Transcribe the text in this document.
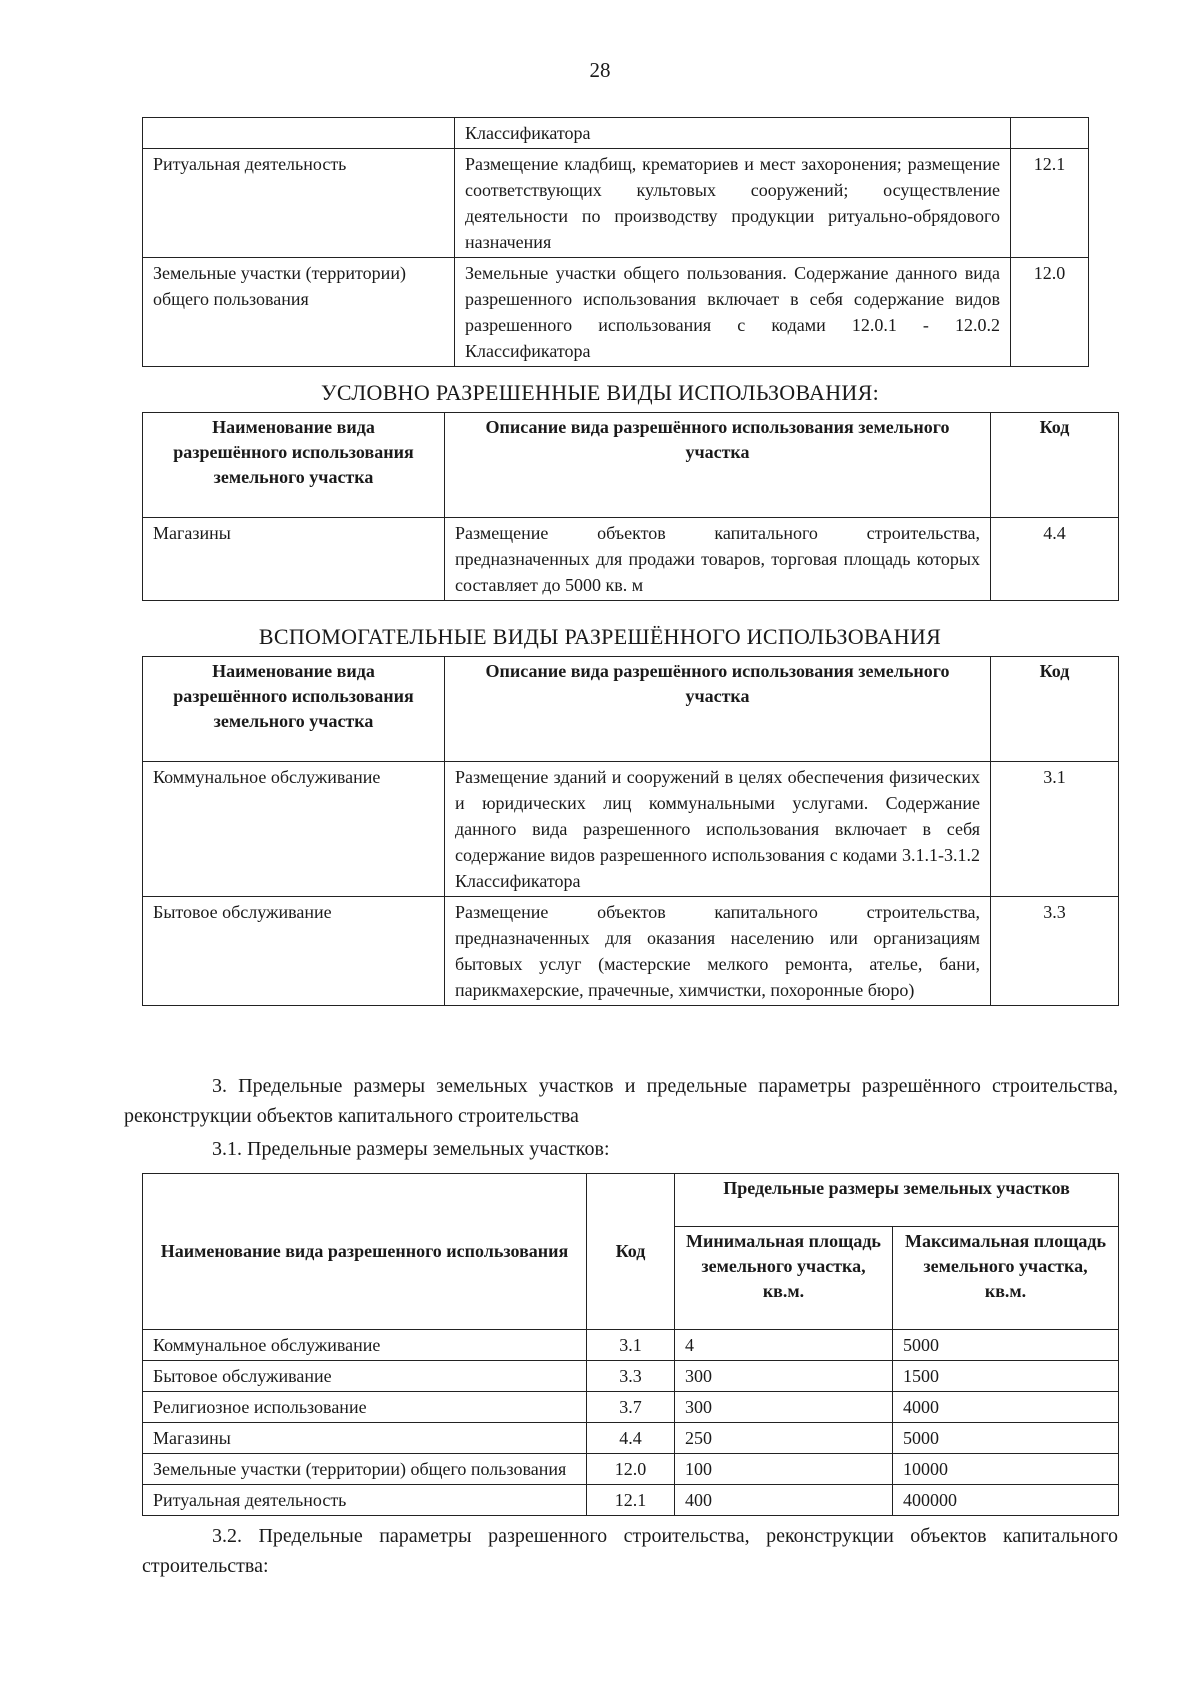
28
	Классификатора	
Ритуальная деятельность	Размещение кладбищ, крематориев и мест захоронения; размещение соответствующих культовых сооружений; осуществление деятельности по производству продукции ритуально-обрядового назначения	12.1
Земельные участки (территории) общего пользования	Земельные участки общего пользования. Содержание данного вида разрешенного использования включает в себя содержание видов разрешенного использования с кодами 12.0.1 - 12.0.2 Классификатора	12.0
УСЛОВНО РАЗРЕШЕННЫЕ ВИДЫ ИСПОЛЬЗОВАНИЯ:
Наименование вида разрешённого использования земельного участка	Описание вида разрешённого использования земельного участка	Код
Магазины	Размещение объектов капитального строительства, предназначенных для продажи товаров, торговая площадь которых составляет до 5000 кв. м	4.4
ВСПОМОГАТЕЛЬНЫЕ ВИДЫ РАЗРЕШЁННОГО ИСПОЛЬЗОВАНИЯ
Наименование вида разрешённого использования земельного участка	Описание вида разрешённого использования земельного участка	Код
Коммунальное обслуживание	Размещение зданий и сооружений в целях обеспечения физических и юридических лиц коммунальными услугами. Содержание данного вида разрешенного использования включает в себя содержание видов разрешенного использования с кодами 3.1.1-3.1.2 Классификатора	3.1
Бытовое обслуживание	Размещение объектов капитального строительства, предназначенных для оказания населению или организациям бытовых услуг (мастерские мелкого ремонта, ателье, бани, парикмахерские, прачечные, химчистки, похоронные бюро)	3.3
3. Предельные размеры земельных участков и предельные параметры разрешённого строительства, реконструкции объектов капитального строительства
3.1. Предельные размеры земельных участков:
Наименование вида разрешенного использования	Код	Предельные размеры земельных участков	
		Минимальная площадь земельного участка, кв.м.	Максимальная площадь земельного участка, кв.м.
Коммунальное обслуживание	3.1	4	5000
Бытовое обслуживание	3.3	300	1500
Религиозное использование	3.7	300	4000
Магазины	4.4	250	5000
Земельные участки (территории) общего пользования	12.0	100	10000
Ритуальная деятельность	12.1	400	400000
3.2. Предельные параметры разрешенного строительства, реконструкции объектов капитального строительства:
